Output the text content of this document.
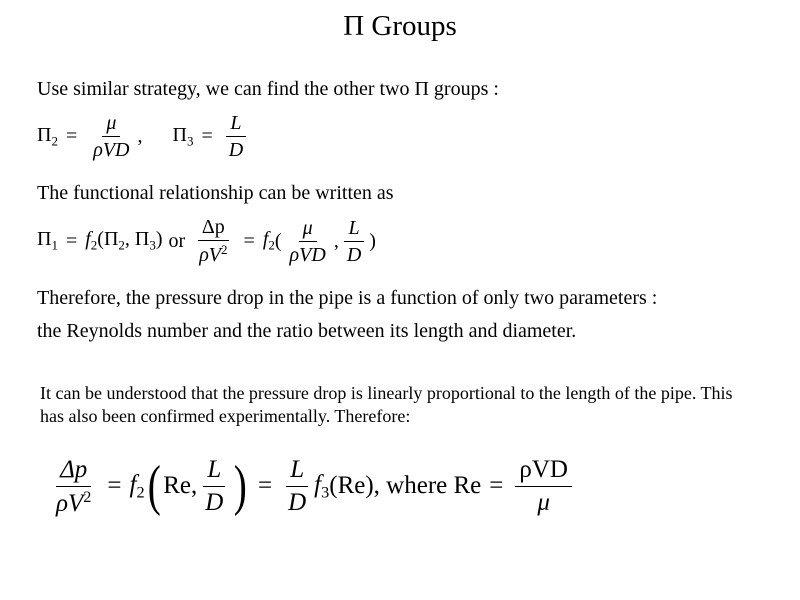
Π Groups
Use similar strategy, we can find the other two Π groups :
$\Pi_2 = \frac{\mu}{\text{ρVD}}$ , $\Pi_3 = \frac{L}{D}$
The functional relationship can be written as
$\Pi_1 = f_2$ ($\Pi_2$, $\Pi_3$) or $\frac{\Delta p}{\rho V^2} = f_2$ ( $\frac{\mu}{\text{ρVD}}$ , $\frac{L}{D}$ )
Therefore, the pressure drop in the pipe is a function of only two parameters :
the Reynolds number and the ratio between its length and diameter.
It can be understood that the pressure drop is linearly proportional to the length of the pipe. This has also been confirmed experimentally. Therefore:
$\frac{\Delta p}{\rho V^2} = f_2$ ( Re, $\frac{L}{D}$ ) = $\frac{L}{D} f_3$ (Re), where $Re = \frac{\text{ρVD}}{\mu}$
